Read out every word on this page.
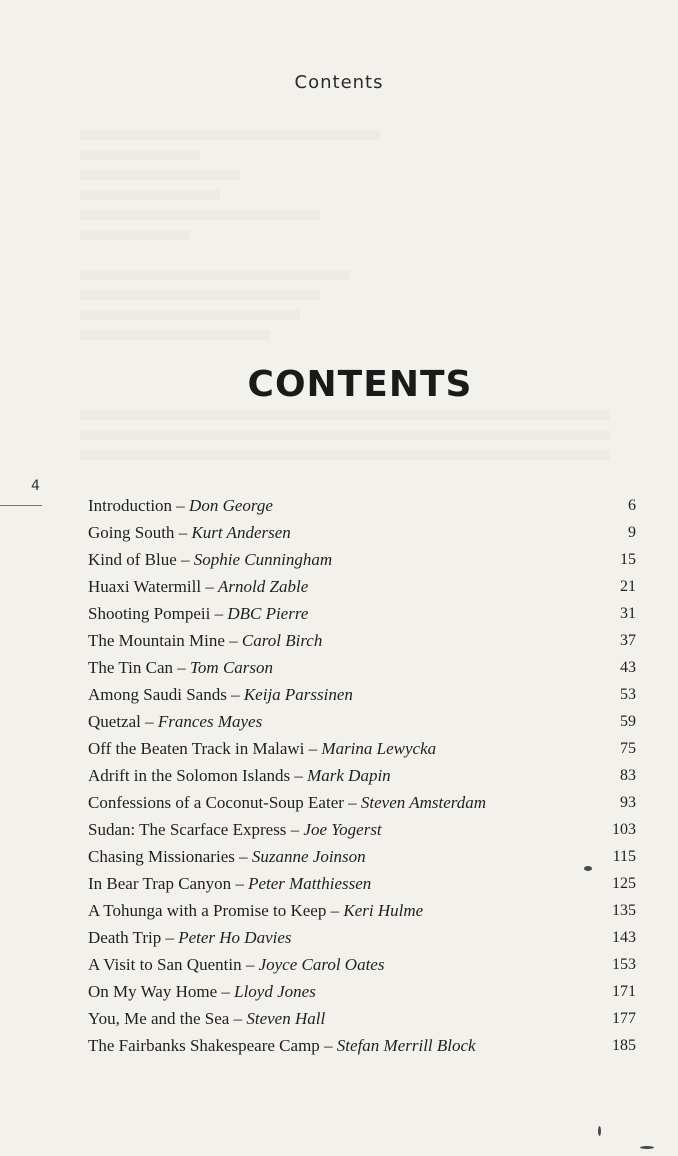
Contents
CONTENTS
4
Introduction – Don George	6
Going South – Kurt Andersen	9
Kind of Blue – Sophie Cunningham	15
Huaxi Watermill – Arnold Zable	21
Shooting Pompeii – DBC Pierre	31
The Mountain Mine – Carol Birch	37
The Tin Can – Tom Carson	43
Among Saudi Sands – Keija Parssinen	53
Quetzal – Frances Mayes	59
Off the Beaten Track in Malawi – Marina Lewycka	75
Adrift in the Solomon Islands – Mark Dapin	83
Confessions of a Coconut-Soup Eater – Steven Amsterdam	93
Sudan: The Scarface Express – Joe Yogerst	103
Chasing Missionaries – Suzanne Joinson	115
In Bear Trap Canyon – Peter Matthiessen	125
A Tohunga with a Promise to Keep – Keri Hulme	135
Death Trip – Peter Ho Davies	143
A Visit to San Quentin – Joyce Carol Oates	153
On My Way Home – Lloyd Jones	171
You, Me and the Sea – Steven Hall	177
The Fairbanks Shakespeare Camp – Stefan Merrill Block	185
